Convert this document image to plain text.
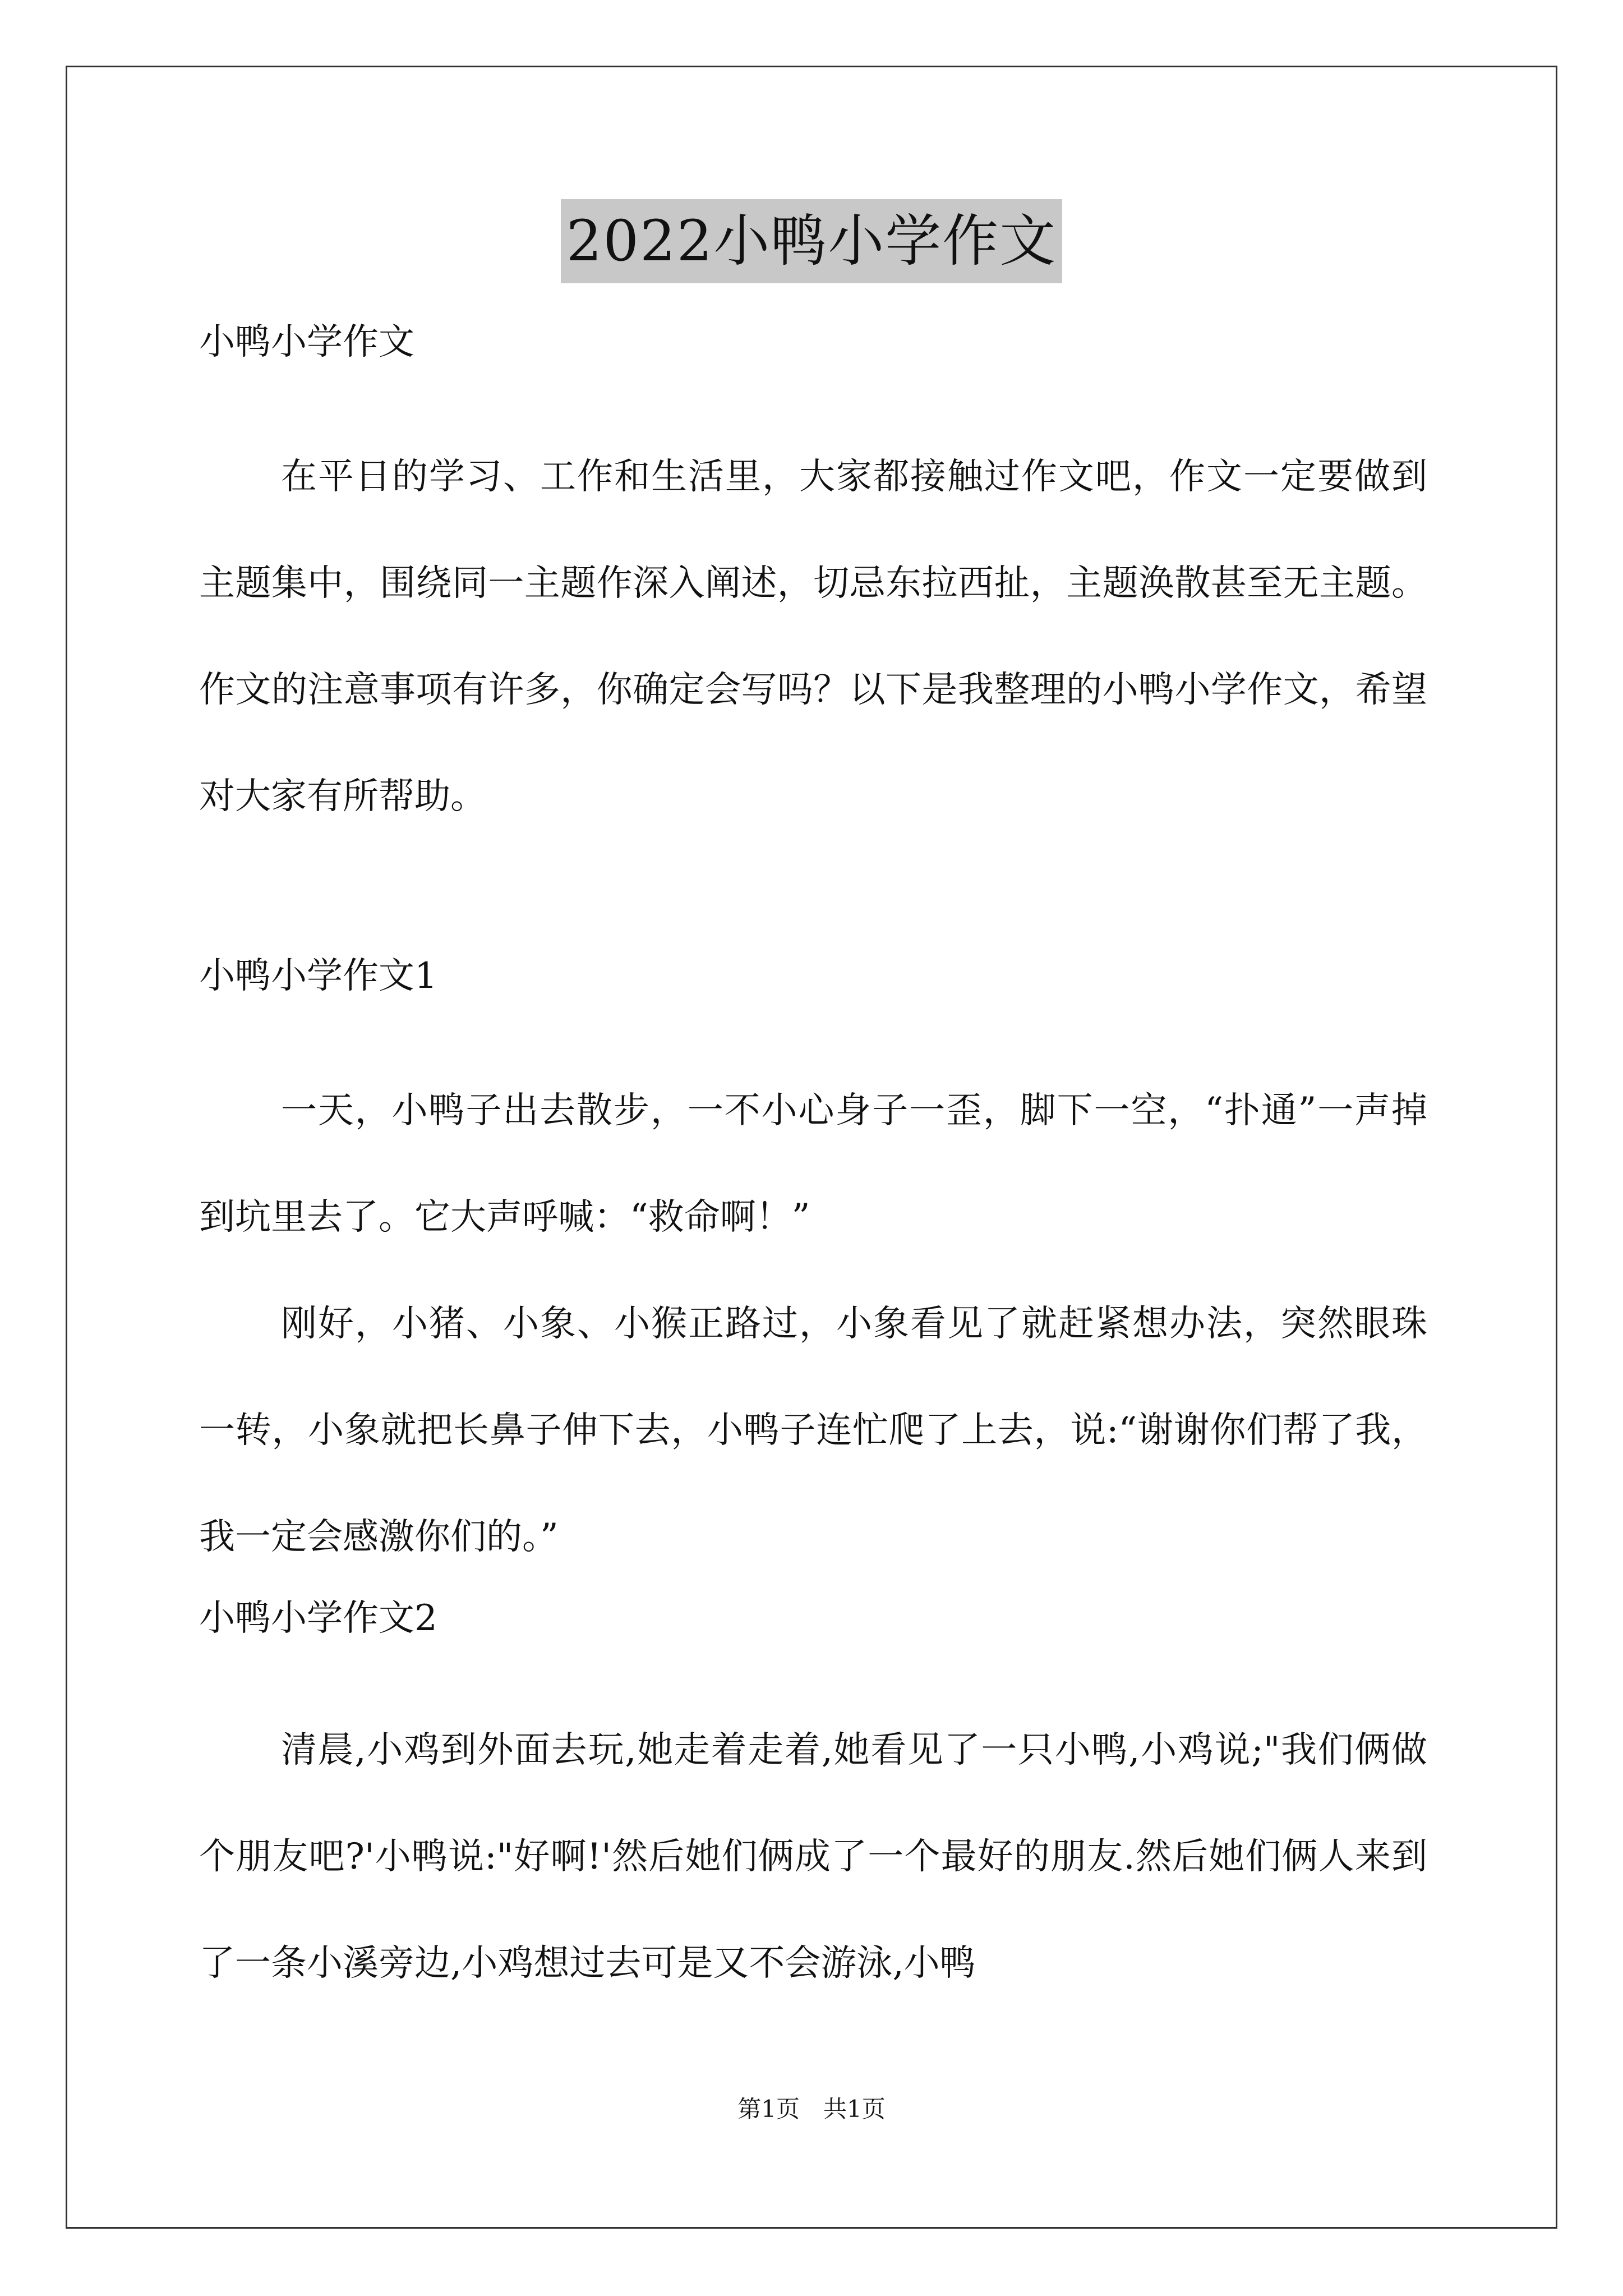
2022小鸭小学作文

小鸭小学作文

在平日的学习、工作和生活里，大家都接触过作文吧，作文一定要做到主题集中，围绕同一主题作深入阐述，切忌东拉西扯，主题涣散甚至无主题。作文的注意事项有许多，你确定会写吗？以下是我整理的小鸭小学作文，希望对大家有所帮助。

小鸭小学作文1

一天，小鸭子出去散步，一不小心身子一歪，脚下一空，“扑通”一声掉到坑里去了。它大声呼喊：“救命啊！”

刚好，小猪、小象、小猴正路过，小象看见了就赶紧想办法，突然眼珠一转，小象就把长鼻子伸下去，小鸭子连忙爬了上去，说:“谢谢你们帮了我，我一定会感激你们的。”

小鸭小学作文2

清晨,小鸡到外面去玩,她走着走着,她看见了一只小鸭,小鸡说;"我们俩做个朋友吧?'小鸭说:"好啊!'然后她们俩成了一个最好的朋友.然后她们俩人来到了一条小溪旁边,小鸡想过去可是又不会游泳,小鸭

第1页　共1页
